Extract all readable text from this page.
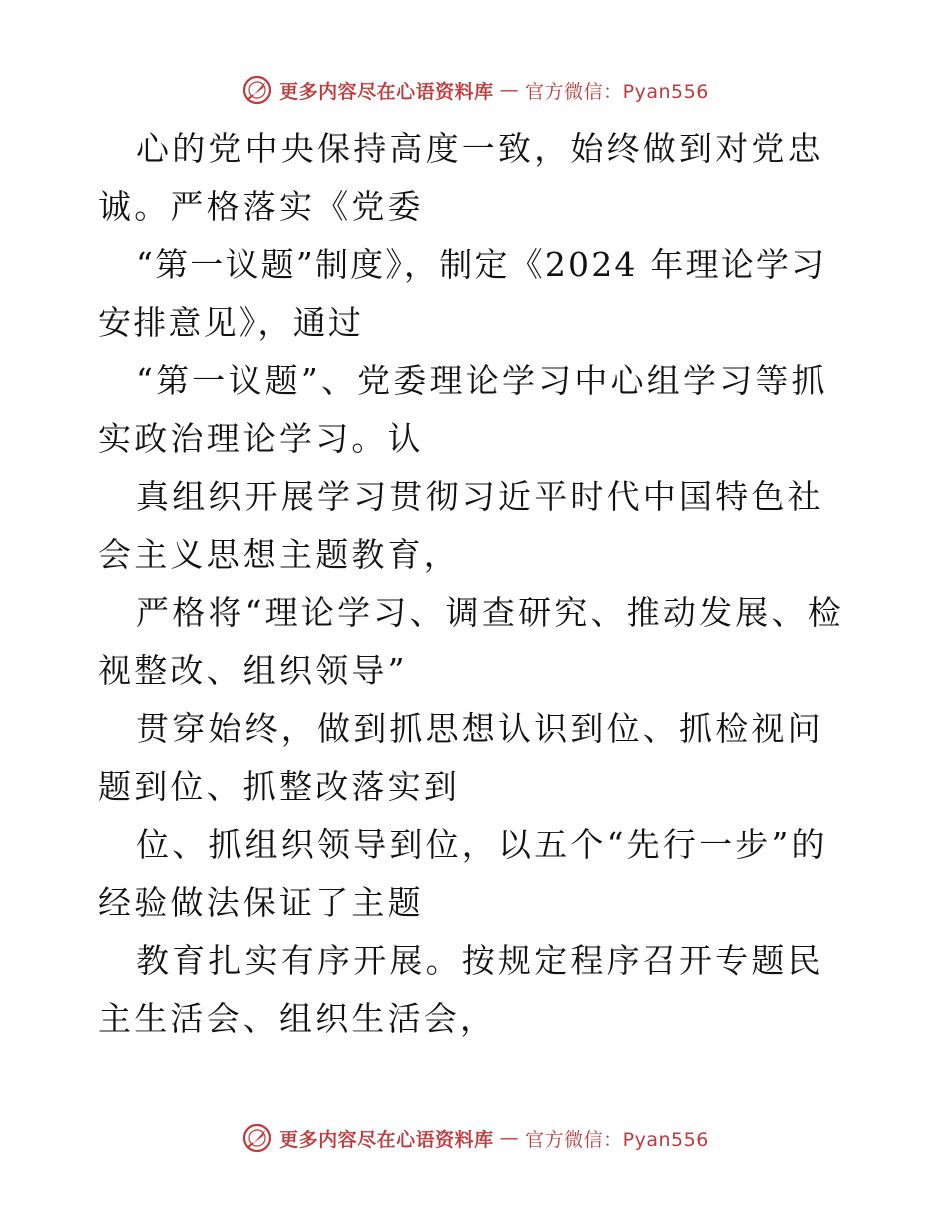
更多内容尽在心语资料库 — 官方微信：Pyan556

心的党中央保持高度一致，始终做到对党忠诚。严格落实《党委

“第一议题”制度》，制定《2024 年理论学习安排意见》，通过

“第一议题”、党委理论学习中心组学习等抓实政治理论学习。认

真组织开展学习贯彻习近平时代中国特色社会主义思想主题教育，

严格将“理论学习、调查研究、推动发展、检视整改、组织领导”

贯穿始终，做到抓思想认识到位、抓检视问题到位、抓整改落实到

位、抓组织领导到位，以五个“先行一步”的经验做法保证了主题

教育扎实有序开展。按规定程序召开专题民主生活会、组织生活会，

更多内容尽在心语资料库 — 官方微信：Pyan556
